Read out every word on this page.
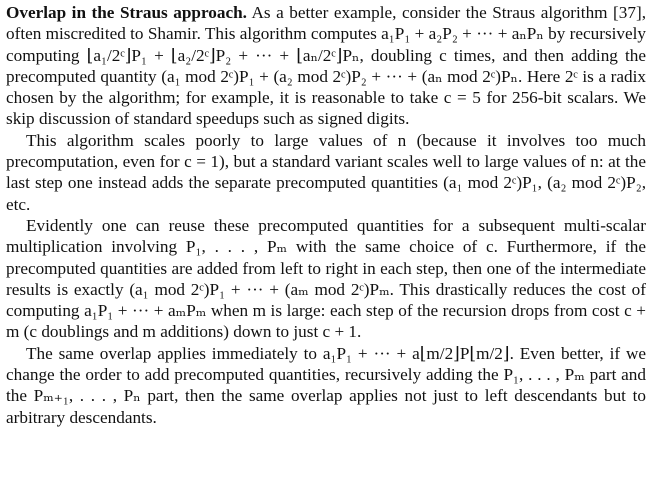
Overlap in the Straus approach. As a better example, consider the Straus algorithm [37], often miscredited to Shamir. This algorithm computes a₁P₁ + a₂P₂ + ··· + aₙPₙ by recursively computing ⌊a₁/2ᶜ⌋P₁ + ⌊a₂/2ᶜ⌋P₂ + ··· + ⌊aₙ/2ᶜ⌋Pₙ, doubling c times, and then adding the precomputed quantity (a₁ mod 2ᶜ)P₁ + (a₂ mod 2ᶜ)P₂ + ··· + (aₙ mod 2ᶜ)Pₙ. Here 2ᶜ is a radix chosen by the algorithm; for example, it is reasonable to take c = 5 for 256-bit scalars. We skip discussion of standard speedups such as signed digits.

This algorithm scales poorly to large values of n (because it involves too much precomputation, even for c = 1), but a standard variant scales well to large values of n: at the last step one instead adds the separate precomputed quantities (a₁ mod 2ᶜ)P₁, (a₂ mod 2ᶜ)P₂, etc.

Evidently one can reuse these precomputed quantities for a subsequent multi-scalar multiplication involving P₁, . . . , Pₘ with the same choice of c. Furthermore, if the precomputed quantities are added from left to right in each step, then one of the intermediate results is exactly (a₁ mod 2ᶜ)P₁ + ··· + (aₘ mod 2ᶜ)Pₘ. This drastically reduces the cost of computing a₁P₁ + ··· + aₘPₘ when m is large: each step of the recursion drops from cost c + m (c doublings and m additions) down to just c + 1.

The same overlap applies immediately to a₁P₁ + ··· + a⌊m/2⌋P⌊m/2⌋. Even better, if we change the order to add precomputed quantities, recursively adding the P₁, . . . , Pₘ part and the Pₘ₊₁, . . . , Pₙ part, then the same overlap applies not just to left descendants but to arbitrary descendants.
